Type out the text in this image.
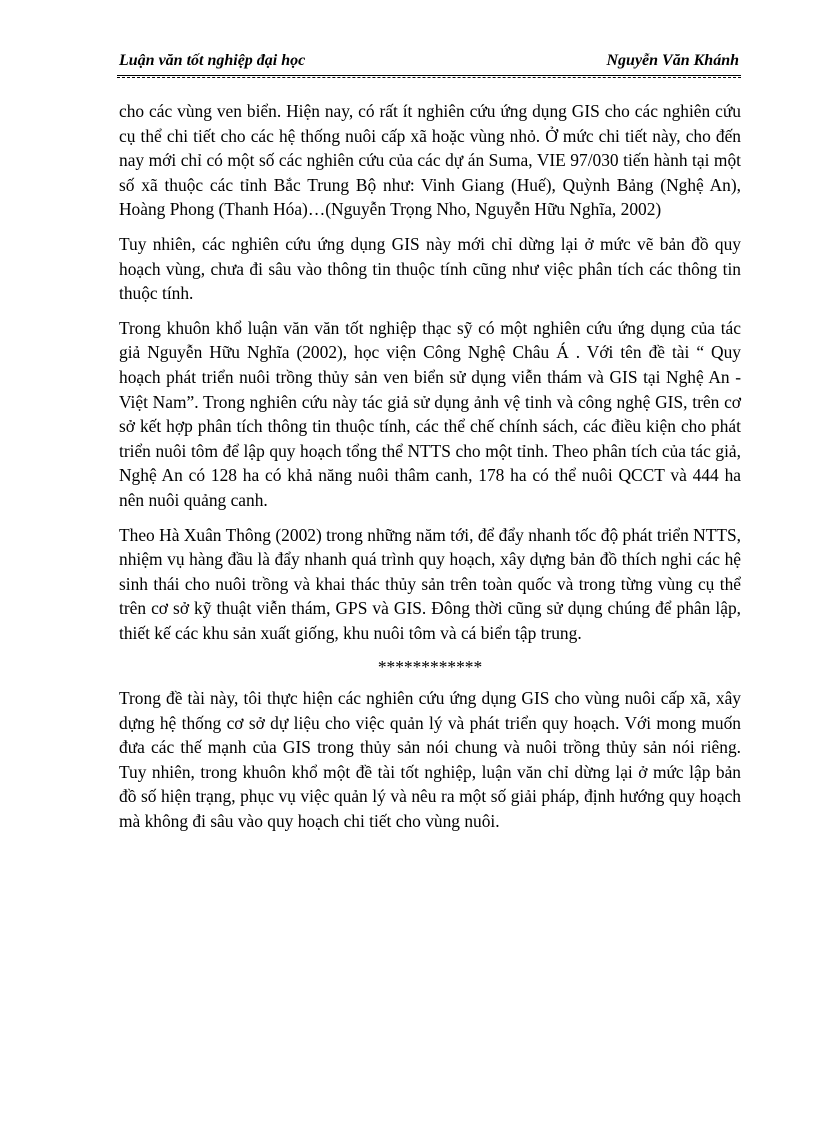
Luận văn tốt nghiệp đại học	Nguyễn Văn Khánh

cho các vùng ven biển. Hiện nay, có rất ít nghiên cứu ứng dụng GIS cho các nghiên cứu cụ thể chi tiết cho các hệ thống nuôi cấp xã hoặc vùng nhỏ. Ở mức chi tiết này, cho đến nay mới chỉ có một số các nghiên cứu của các dự án Suma, VIE 97/030 tiến hành tại một số xã thuộc các tỉnh Bắc Trung Bộ như: Vinh Giang (Huế), Quỳnh Bảng (Nghệ An), Hoàng Phong (Thanh Hóa)…(Nguyễn Trọng Nho, Nguyễn Hữu Nghĩa, 2002)

Tuy nhiên, các nghiên cứu ứng dụng GIS này mới chỉ dừng lại ở mức vẽ bản đồ quy hoạch vùng, chưa đi sâu vào thông tin thuộc tính cũng như việc phân tích các thông tin thuộc tính.

Trong khuôn khổ luận văn văn tốt nghiệp thạc sỹ có một nghiên cứu ứng dụng của tác giả Nguyễn Hữu Nghĩa (2002), học viện Công Nghệ Châu Á . Với tên đề tài “ Quy hoạch phát triển nuôi trồng thủy sản ven biển sử dụng viễn thám và GIS tại Nghệ An - Việt Nam”. Trong nghiên cứu này tác giả sử dụng ảnh vệ tinh và công nghệ GIS, trên cơ sở kết hợp phân tích thông tin thuộc tính, các thể chế chính sách, các điều kiện cho phát triển nuôi tôm để lập quy hoạch tổng thể NTTS cho một tỉnh. Theo phân tích của tác giả, Nghệ An có 128 ha có khả năng nuôi thâm canh, 178 ha có thể nuôi QCCT và 444 ha nên nuôi quảng canh.

Theo Hà Xuân Thông (2002) trong những năm tới, để đẩy nhanh tốc độ phát triển NTTS, nhiệm vụ hàng đầu là đẩy nhanh quá trình quy hoạch, xây dựng bản đồ thích nghi các hệ sinh thái cho nuôi trồng và khai thác thủy sản trên toàn quốc và trong từng vùng cụ thể trên cơ sở kỹ thuật viễn thám, GPS và GIS. Đông thời cũng sử dụng chúng để phân lập, thiết kế các khu sản xuất giống, khu nuôi tôm và cá biển tập trung.

************

Trong đề tài này, tôi thực hiện các nghiên cứu ứng dụng GIS cho vùng nuôi cấp xã, xây dựng hệ thống cơ sở dự liệu cho việc quản lý và phát triển quy hoạch. Với mong muốn đưa các thế mạnh của GIS trong thủy sản nói chung và nuôi trồng thủy sản nói riêng. Tuy nhiên, trong khuôn khổ một đề tài tốt nghiệp, luận văn chỉ dừng lại ở mức lập bản đồ số hiện trạng, phục vụ việc quản lý và nêu ra một số giải pháp, định hướng quy hoạch mà không đi sâu vào quy hoạch chi tiết cho vùng nuôi.
